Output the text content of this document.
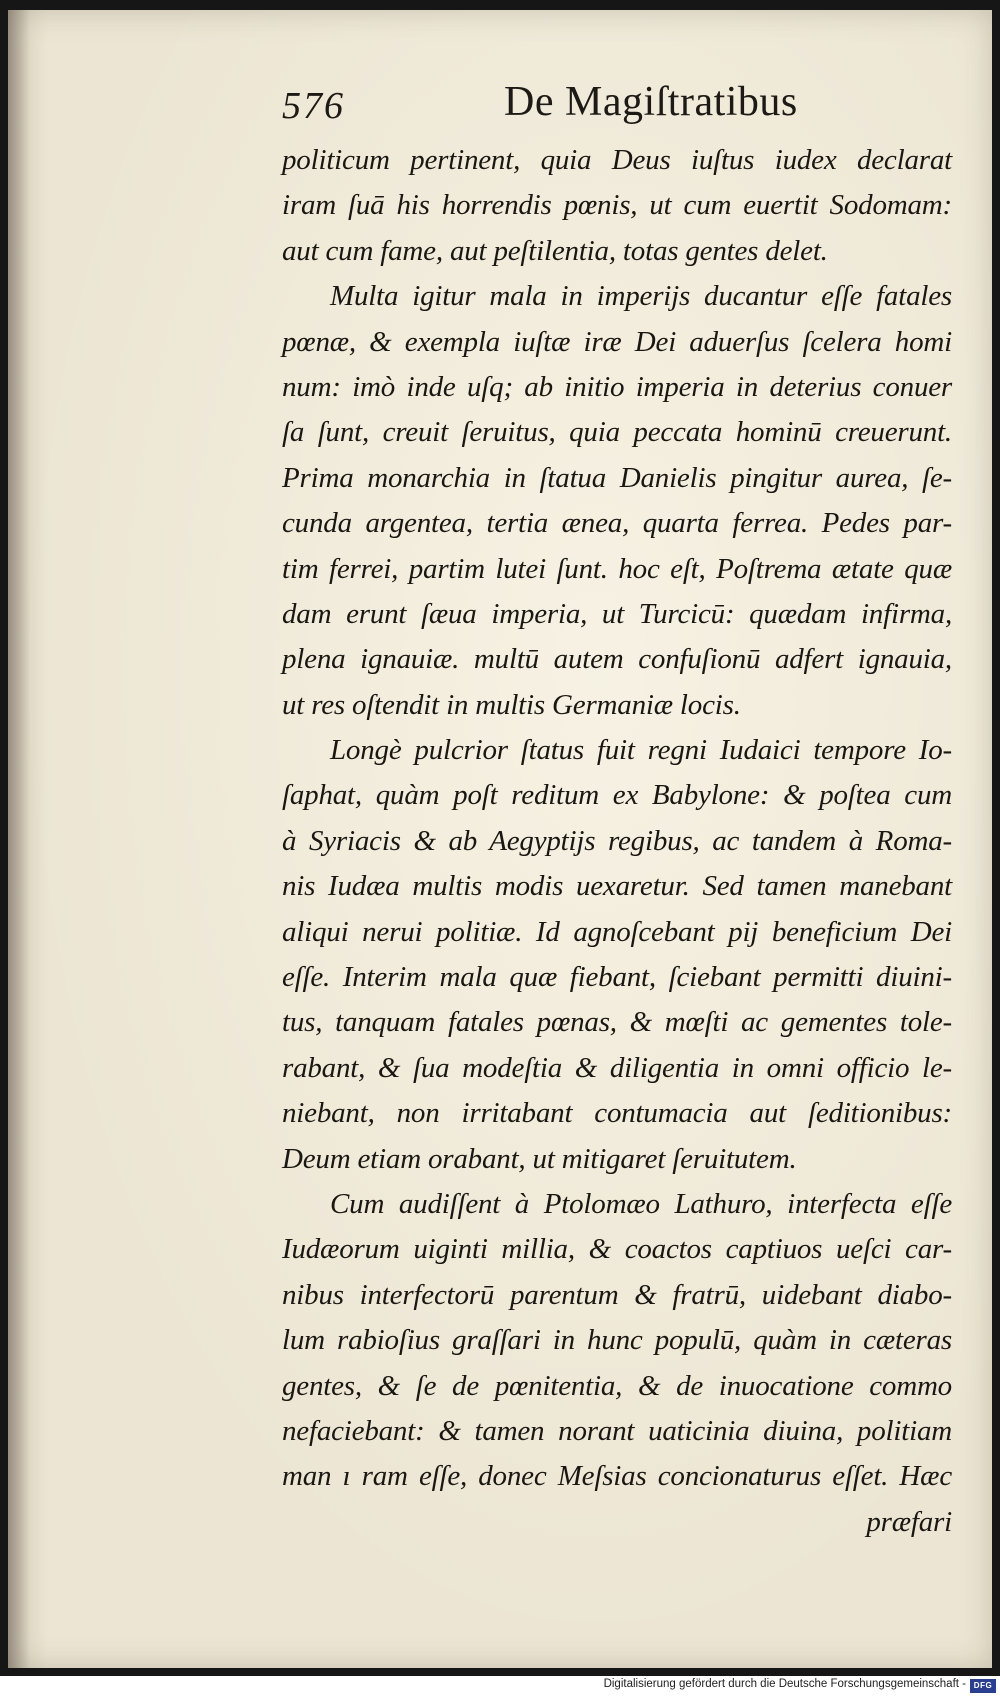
576	De Magiſtratibus
politicum pertinent, quia Deus iuſtus iudex declarat
iram ſuā his horrendis pœnis, ut cum euertit Sodomam:
aut cum fame, aut peſtilentia, totas gentes delet.
Multa igitur mala in imperijs ducantur eſſe fatales
pœnæ, & exempla iuſtæ iræ Dei aduerſus ſcelera homi
num: imò inde uſq; ab initio imperia in deterius conuer
ſa ſunt, creuit ſeruitus, quia peccata hominū creuerunt.
Prima monarchia in ſtatua Danielis pingitur aurea, ſe-
cunda argentea, tertia ænea, quarta ferrea. Pedes par-
tim ferrei, partim lutei ſunt. hoc eſt, Poſtrema ætate quæ
dam erunt ſæua imperia, ut Turcicū: quædam infirma,
plena ignauiæ. multū autem confuſionū adfert ignauia,
ut res oſtendit in multis Germaniæ locis.
Longè pulcrior ſtatus fuit regni Iudaici tempore Io-
ſaphat, quàm poſt reditum ex Babylone: & poſtea cum
à Syriacis & ab Aegyptijs regibus, ac tandem à Roma-
nis Iudæa multis modis uexaretur. Sed tamen manebant
aliqui nerui politiæ. Id agnoſcebant pij beneficium Dei
eſſe. Interim mala quæ fiebant, ſciebant permitti diuini-
tus, tanquam fatales pœnas, & mœſti ac gementes tole-
rabant, & ſua modeſtia & diligentia in omni officio le-
niebant, non irritabant contumacia aut ſeditionibus:
Deum etiam orabant, ut mitigaret ſeruitutem.
Cum audiſſent à Ptolomæo Lathuro, interfecta eſſe
Iudæorum uiginti millia, & coactos captiuos ueſci car-
nibus interfectorū parentum & fratrū, uidebant diabo-
lum rabioſius graſſari in hunc populū, quàm in cæteras
gentes, & ſe de pœnitentia, & de inuocatione commo
nefaciebant: & tamen norant uaticinia diuina, politiam
man ı ram eſſe, donec Meſsias concionaturus eſſet. Hæc
præfari
Digitalisierung gefördert durch die Deutsche Forschungsgemeinschaft - DFG
